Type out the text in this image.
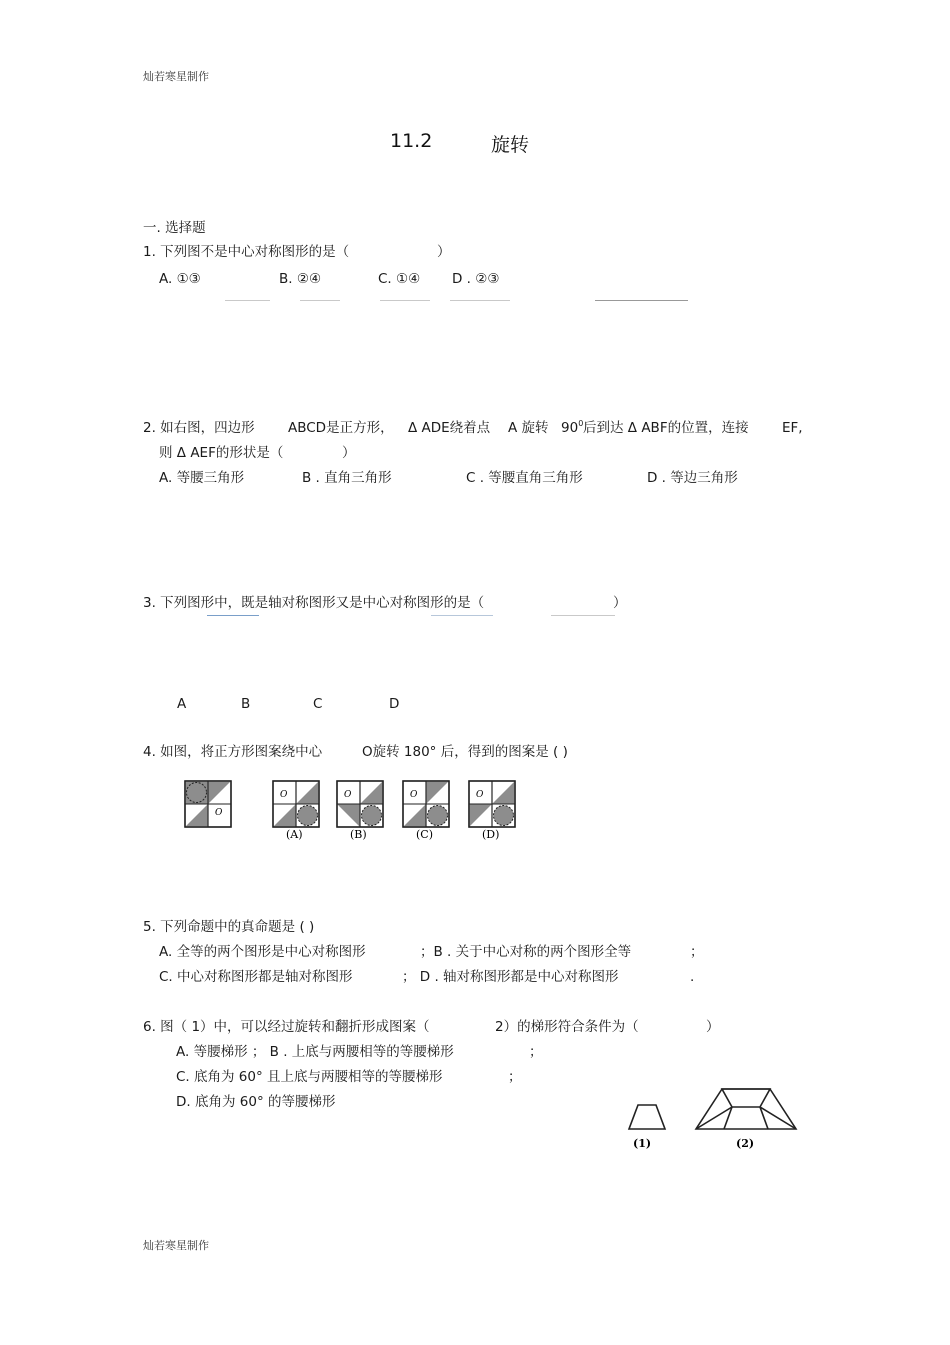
灿若寒星制作
11.2	旋转
一. 选择题
1. 下列图不是中心对称图形的是（	）
A. ①③	B. ②④	C. ①④ D . ②③
2. 如右图，四边形 ABCD是正方形， Δ ADE绕着点 A 旋转 $90^0$ 后到达 Δ ABF的位置，连接 EF,
则 Δ AEF的形状是（	）
A. 等腰三角形	B . 直角三角形	C . 等腰直角三角形	D . 等边三角形
3. 下列图形中，既是轴对称图形又是中心对称图形的是（	）
A	B	C	D
4. 如图，将正方形图案绕中心	O旋转 180° 后，得到的图案是 ( )
O
O
(A)
O
(B)
O
(C)
O
(D)
5. 下列命题中的真命题是 ( )
A. 全等的两个图形是中心对称图形	；B . 关于中心对称的两个图形全等	；
C. 中心对称图形都是轴对称图形	； D . 轴对称图形都是中心对称图形	.
6. 图（ 1）中，可以经过旋转和翻折形成图案（	2）的梯形符合条件为（	）
A. 等腰梯形 ； B . 上底与两腰相等的等腰梯形	；
C. 底角为 60° 且上底与两腰相等的等腰梯形	；
D. 底角为 60° 的等腰梯形
(1)	(2)
灿若寒星制作
